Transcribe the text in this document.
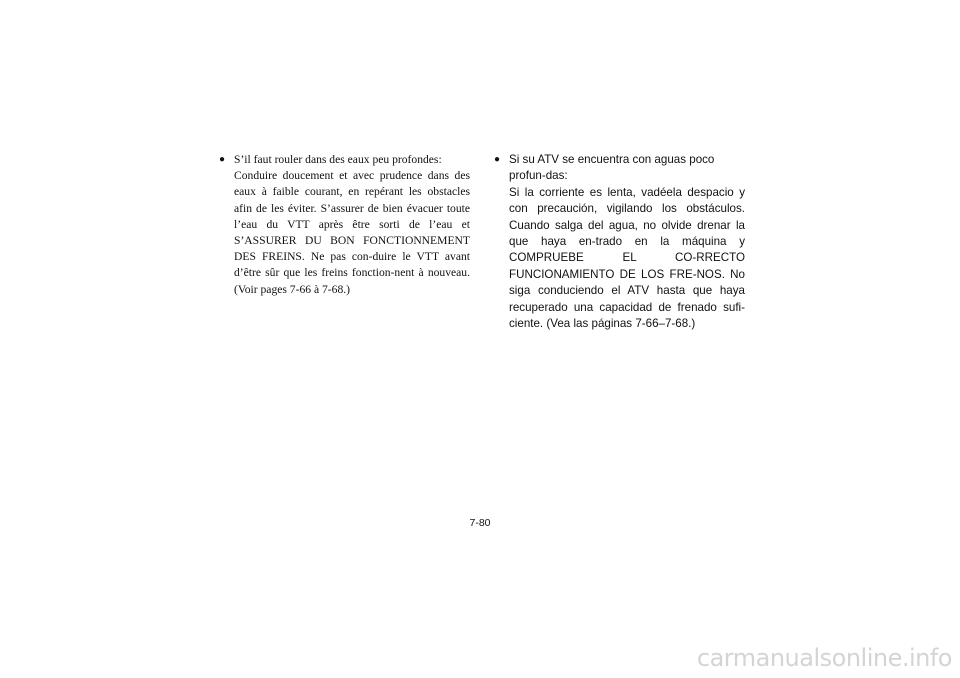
● S’il faut rouler dans des eaux peu profondes:
Conduire doucement et avec prudence dans des eaux à faible courant, en repérant les obstacles afin de les éviter. S’assurer de bien évacuer toute l’eau du VTT après être sorti de l’eau et S’ASSURER DU BON FONCTIONNEMENT DES FREINS. Ne pas con-duire le VTT avant d’être sûr que les freins fonction-nent à nouveau. (Voir pages 7-66 à 7-68.)
● Si su ATV se encuentra con aguas poco profun-das:
Si la corriente es lenta, vadéela despacio y con precaución, vigilando los obstáculos. Cuando salga del agua, no olvide drenar la que haya en-trado en la máquina y COMPRUEBE EL CO-RRECTO FUNCIONAMIENTO DE LOS FRE-NOS. No siga conduciendo el ATV hasta que haya recuperado una capacidad de frenado sufi-ciente. (Vea las páginas 7-66–7-68.)
7-80
carmanualsonline.info
